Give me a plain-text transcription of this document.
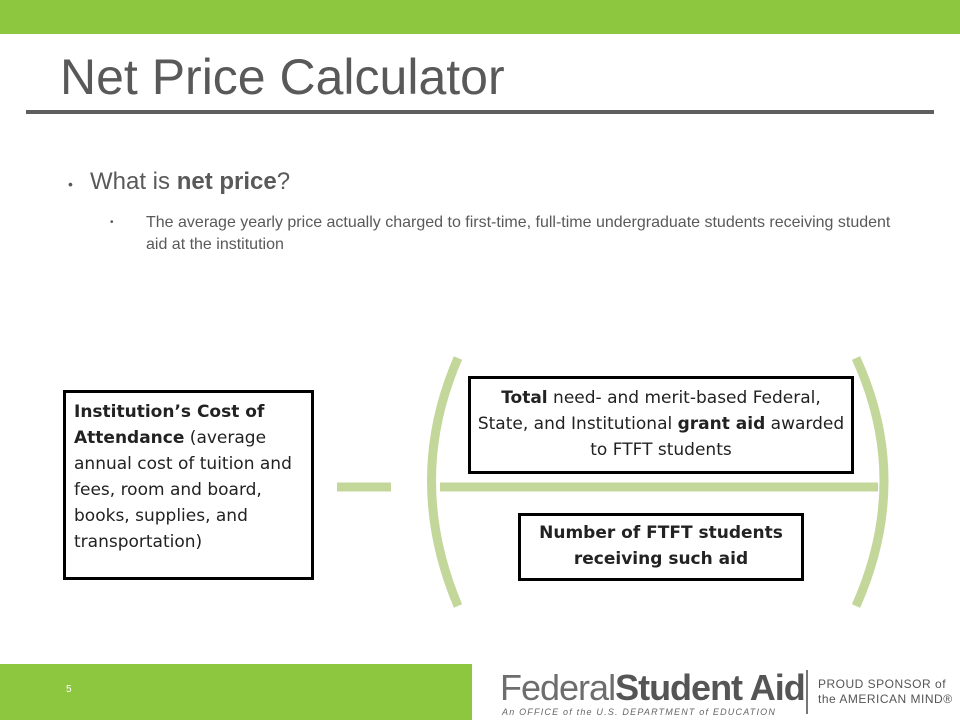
Net Price Calculator
• What is net price?
• The average yearly price actually charged to first-time, full-time undergraduate students receiving student aid at the institution
Institution’s Cost of Attendance (average annual cost of tuition and fees, room and board, books, supplies, and transportation)
Total need- and merit-based Federal, State, and Institutional grant aid awarded to FTFT students
Number of FTFT students receiving such aid
5	FederalStudent Aid
An OFFICE of the U.S. DEPARTMENT of EDUCATION
PROUD SPONSOR of
the AMERICAN MIND®
